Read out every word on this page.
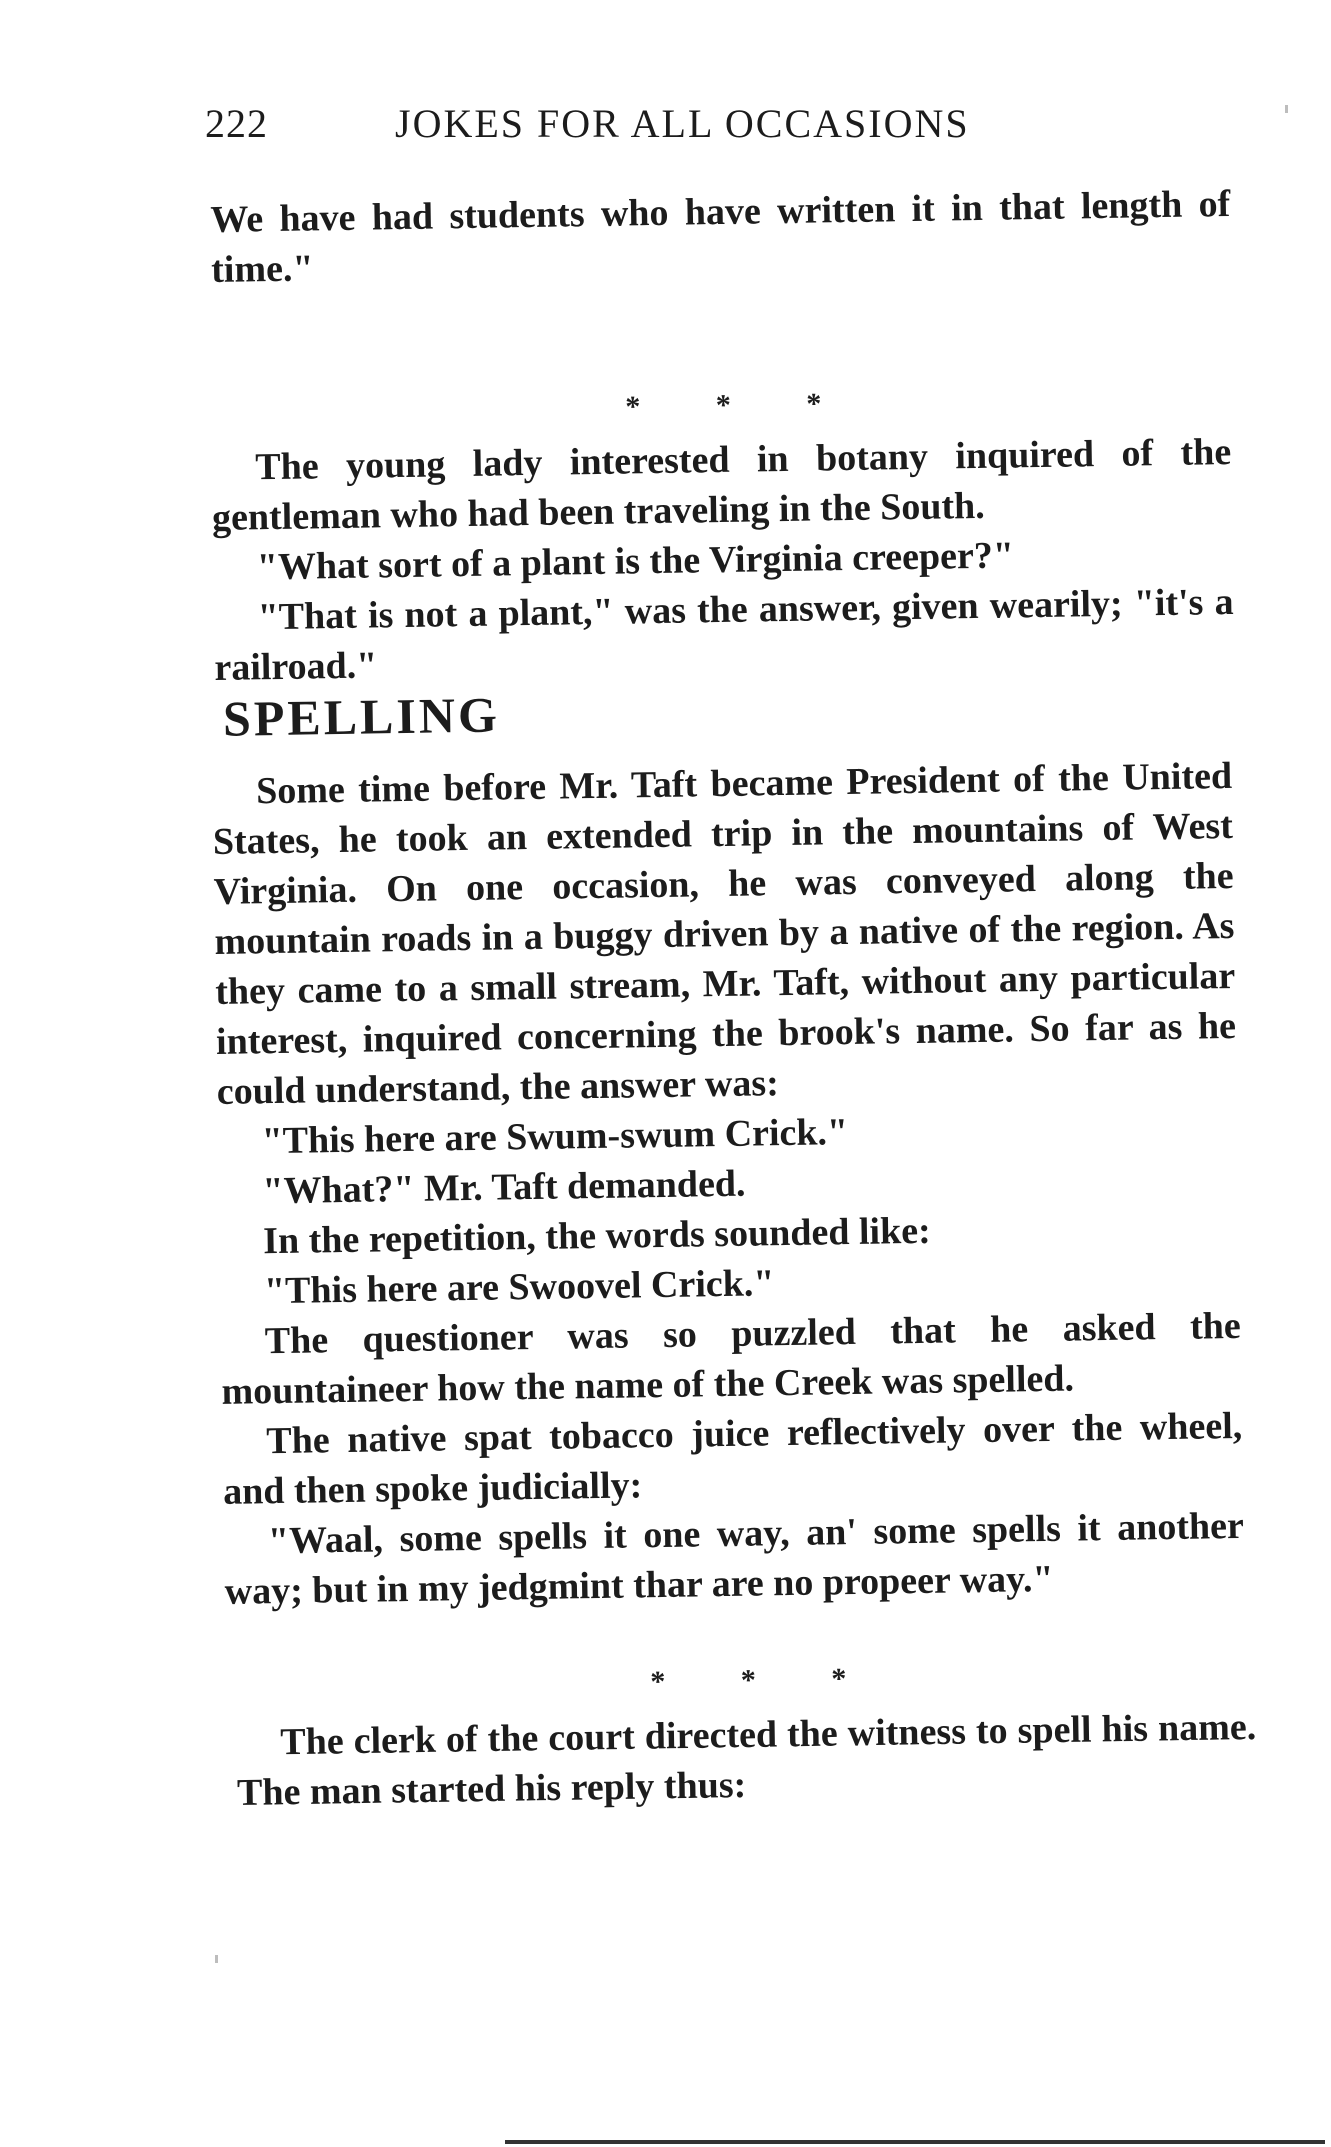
222	JOKES FOR ALL OCCASIONS

We have had students who have written it in that length of time."

* * *

The young lady interested in botany inquired of the gentleman who had been traveling in the South.

"What sort of a plant is the Virginia creeper?"

"That is not a plant," was the answer, given wearily; "it's a railroad."

SPELLING

Some time before Mr. Taft became President of the United States, he took an extended trip in the mountains of West Virginia. On one occasion, he was conveyed along the mountain roads in a buggy driven by a native of the region. As they came to a small stream, Mr. Taft, without any particular interest, inquired concerning the brook's name. So far as he could understand, the answer was:

"This here are Swum-swum Crick."

"What?" Mr. Taft demanded.

In the repetition, the words sounded like:

"This here are Swoovel Crick."

The questioner was so puzzled that he asked the mountaineer how the name of the Creek was spelled.

The native spat tobacco juice reflectively over the wheel, and then spoke judicially:

"Waal, some spells it one way, an' some spells it another way; but in my jedgmint thar are no propeer way."

* * *

The clerk of the court directed the witness to spell his name. The man started his reply thus:
